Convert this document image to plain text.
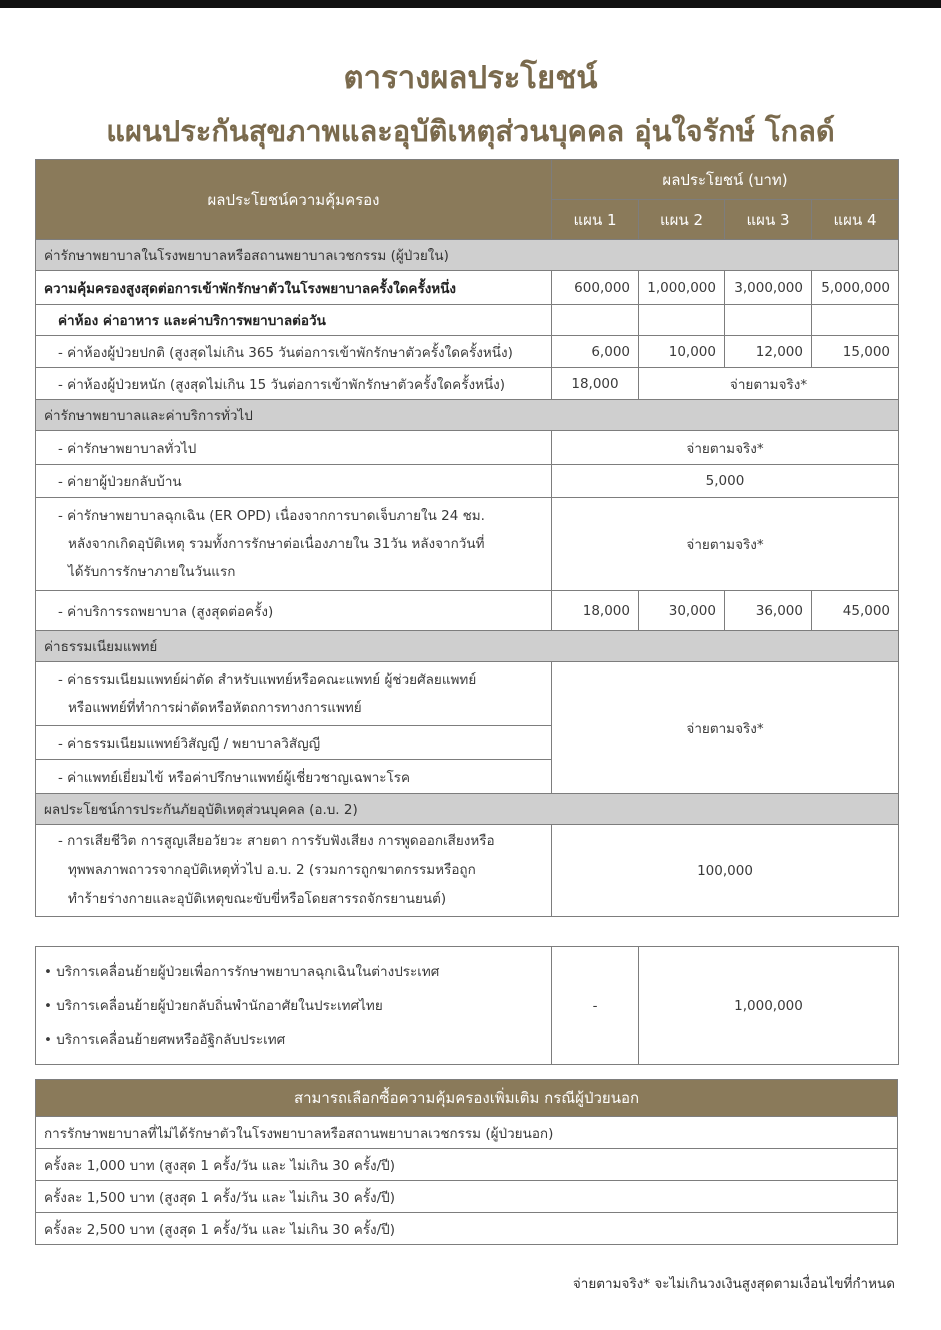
ตารางผลประโยชน์
แผนประกันสุขภาพและอุบัติเหตุส่วนบุคคล อุ่นใจรักษ์ โกลด์
ผลประโยชน์ความคุ้มครอง	ผลประโยชน์ (บาท)			
	แผน 1	แผน 2	แผน 3	แผน 4
ค่ารักษาพยาบาลในโรงพยาบาลหรือสถานพยาบาลเวชกรรม (ผู้ป่วยใน)				
ความคุ้มครองสูงสุดต่อการเข้าพักรักษาตัวในโรงพยาบาลครั้งใดครั้งหนึ่ง	600,000	1,000,000	3,000,000	5,000,000
ค่าห้อง ค่าอาหาร และค่าบริการพยาบาลต่อวัน				
- ค่าห้องผู้ป่วยปกติ (สูงสุดไม่เกิน 365 วันต่อการเข้าพักรักษาตัวครั้งใดครั้งหนึ่ง)	6,000	10,000	12,000	15,000
- ค่าห้องผู้ป่วยหนัก (สูงสุดไม่เกิน 15 วันต่อการเข้าพักรักษาตัวครั้งใดครั้งหนึ่ง)	18,000	จ่ายตามจริง*		
ค่ารักษาพยาบาลและค่าบริการทั่วไป				
- ค่ารักษาพยาบาลทั่วไป	จ่ายตามจริง*			
- ค่ายาผู้ป่วยกลับบ้าน	5,000			

- ค่ารักษาพยาบาลฉุกเฉิน (ER OPD) เนื่องจากการบาดเจ็บภายใน 24 ชม.
หลังจากเกิดอุบัติเหตุ รวมทั้งการรักษาต่อเนื่องภายใน 31วัน หลังจากวันที่
ได้รับการรักษาภายในวันแรก	จ่ายตามจริง*			
- ค่าบริการรถพยาบาล (สูงสุดต่อครั้ง)	18,000	30,000	36,000	45,000
ค่าธรรมเนียมแพทย์				

- ค่าธรรมเนียมแพทย์ผ่าตัด สำหรับแพทย์หรือคณะแพทย์ ผู้ช่วยศัลยแพทย์
หรือแพทย์ที่ทำการผ่าตัดหรือหัตถการทางการแพทย์	จ่ายตามจริง*			
- ค่าธรรมเนียมแพทย์วิสัญญี / พยาบาลวิสัญญี				
- ค่าแพทย์เยี่ยมไข้ หรือค่าปรึกษาแพทย์ผู้เชี่ยวชาญเฉพาะโรค				
ผลประโยชน์การประกันภัยอุบัติเหตุส่วนบุคคล (อ.บ. 2)				

- การเสียชีวิต การสูญเสียอวัยวะ สายตา การรับฟังเสียง การพูดออกเสียงหรือ
ทุพพลภาพถาวรจากอุบัติเหตุทั่วไป อ.บ. 2 (รวมการถูกฆาตกรรมหรือถูก
ทำร้ายร่างกายและอุบัติเหตุขณะขับขี่หรือโดยสารรถจักรยานยนต์)	100,000			
• บริการเคลื่อนย้ายผู้ป่วยเพื่อการรักษาพยาบาลฉุกเฉินในต่างประเทศ
• บริการเคลื่อนย้ายผู้ป่วยกลับถิ่นพำนักอาศัยในประเทศไทย
• บริการเคลื่อนย้ายศพหรืออัฐิกลับประเทศ
	-	1,000,000
สามารถเลือกซื้อความคุ้มครองเพิ่มเติม กรณีผู้ป่วยนอก
การรักษาพยาบาลที่ไม่ได้รักษาตัวในโรงพยาบาลหรือสถานพยาบาลเวชกรรม (ผู้ป่วยนอก)
ครั้งละ 1,000 บาท (สูงสุด 1 ครั้ง/วัน และ ไม่เกิน 30 ครั้ง/ปี)
ครั้งละ 1,500 บาท (สูงสุด 1 ครั้ง/วัน และ ไม่เกิน 30 ครั้ง/ปี)
ครั้งละ 2,500 บาท (สูงสุด 1 ครั้ง/วัน และ ไม่เกิน 30 ครั้ง/ปี)
จ่ายตามจริง* จะไม่เกินวงเงินสูงสุดตามเงื่อนไขที่กำหนด
